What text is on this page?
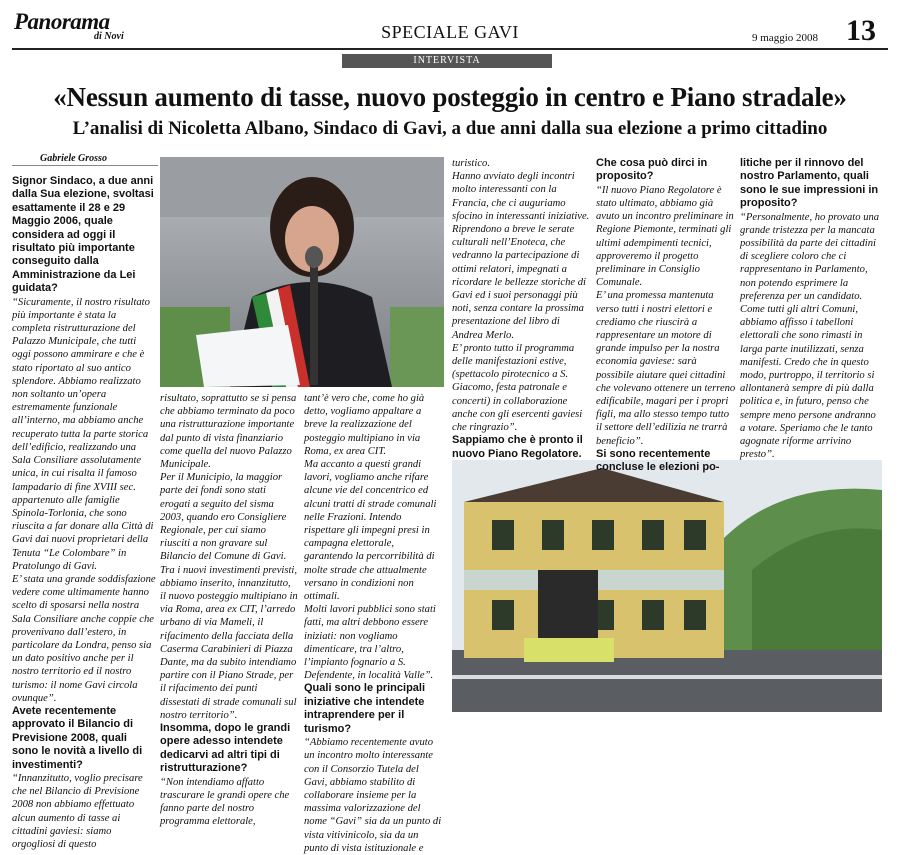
Panorama
di Novi	SPECIALE GAVI	9 maggio 2008 13
INTERVISTA
«Nessun aumento di tasse, nuovo posteggio in centro e Piano stradale»
L’analisi di Nicoletta Albano, Sindaco di Gavi, a due anni dalla sua elezione a primo cittadino
Gabriele Grosso

Signor Sindaco, a due anni dalla Sua elezione, svoltasi esattamente il 28 e 29 Maggio 2006, quale considera ad oggi il risultato più importante conseguito dalla Amministrazione da Lei guidata?

“Sicuramente, il nostro risultato più importante è stata la completa ristrutturazione del Palazzo Municipale, che tutti oggi possono ammirare e che è stato riportato al suo antico splendore. Abbiamo realizzato non soltanto un’opera estremamente funzionale all’interno, ma abbiamo anche recuperato tutta la parte storica dell’edificio, realizzando una Sala Consiliare assolutamente unica, in cui risalta il famoso lampadario di fine XVIII sec. appartenuto alle famiglie Spinola-Torlonia, che sono riuscita a far donare alla Città di Gavi dai nuovi proprietari della Tenuta “Le Colombare” in Pratolungo di Gavi.

E’ stata una grande soddisfazione vedere come ultimamente hanno scelto di sposarsi nella nostra Sala Consiliare anche coppie che provenivano dall’estero, in particolare da Londra, penso sia un dato positivo anche per il nostro territorio ed il nostro turismo: il nome Gavi circola ovunque”.

Avete recentemente approvato il Bilancio di Previsione 2008, quali sono le novità a livello di investimenti?

“Innanzitutto, voglio precisare che nel Bilancio di Previsione 2008 non abbiamo effettuato alcun aumento di tasse ai cittadini gaviesi: siamo orgogliosi di questo

risultato, soprattutto se si pensa che abbiamo terminato da poco una ristrutturazione importante dal punto di vista finanziario come quella del nuovo Palazzo Municipale.

Per il Municipio, la maggior parte dei fondi sono stati erogati a seguito del sisma 2003, quando ero Consigliere Regionale, per cui siamo riusciti a non gravare sul Bilancio del Comune di Gavi.

Tra i nuovi investimenti previsti, abbiamo inserito, innanzitutto, il nuovo posteggio multipiano in via Roma, area ex CIT, l’arredo urbano di via Mameli, il rifacimento della facciata della Caserma Carabinieri di Piazza Dante, ma da subito intendiamo partire con il Piano Strade, per il rifacimento dei punti dissestati di strade comunali sul nostro territorio”.

Insomma, dopo le grandi opere adesso intendete dedicarvi ad altri tipi di ristrutturazione?

“Non intendiamo affatto trascurare le grandi opere che fanno parte del nostro programma elettorale,

tant’è vero che, come ho già detto, vogliamo appaltare a breve la realizzazione del posteggio multipiano in via Roma, ex area CIT.

Ma accanto a questi grandi lavori, vogliamo anche rifare alcune vie del concentrico ed alcuni tratti di strade comunali nelle Frazioni. Intendo rispettare gli impegni presi in campagna elettorale, garantendo la percorribilità di molte strade che attualmente versano in condizioni non ottimali.

Molti lavori pubblici sono stati fatti, ma altri debbono essere iniziati: non vogliamo dimenticare, tra l’altro, l’impianto fognario a S. Defendente, in località Valle”.

Quali sono le principali iniziative che intendete intraprendere per il turismo?

“Abbiamo recentemente avuto un incontro molto interessante con il Consorzio Tutela del Gavi, abbiamo stabilito di collaborare insieme per la massima valorizzazione del nome “Gavi” sia da un punto di vista vitivinicolo, sia da un punto di vista istituzionale e

turistico.

Hanno avviato degli incontri molto interessanti con la Francia, che ci auguriamo sfocino in interessanti iniziative.

Riprendono a breve le serate culturali nell’Enoteca, che vedranno la partecipazione di ottimi relatori, impegnati a ricordare le bellezze storiche di Gavi ed i suoi personaggi più noti, senza contare la prossima presentazione del libro di Andrea Merlo.

E’ pronto tutto il programma delle manifestazioni estive, (spettacolo pirotecnico a S. Giacomo, festa patronale e concerti) in collaborazione anche con gli esercenti gaviesi che ringrazio”.

Sappiamo che è pronto il nuovo Piano Regolatore.

Che cosa può dirci in proposito?

“Il nuovo Piano Regolatore è stato ultimato, abbiamo già avuto un incontro preliminare in Regione Piemonte, terminati gli ultimi adempimenti tecnici, approveremo il progetto preliminare in Consiglio Comunale.

E’ una promessa mantenuta verso tutti i nostri elettori e crediamo che riuscirà a rappresentare un motore di grande impulso per la nostra economia gaviese: sarà possibile aiutare quei cittadini che volevano ottenere un terreno edificabile, magari per i propri figli, ma allo stesso tempo tutto il settore dell’edilizia ne trarrà beneficio”.

Si sono recentemente concluse le elezioni po-

litiche per il rinnovo del nostro Parlamento, quali sono le sue impressioni in proposito?

“Personalmente, ho provato una grande tristezza per la mancata possibilità da parte dei cittadini di scegliere coloro che ci rappresentano in Parlamento, non potendo esprimere la preferenza per un candidato. Come tutti gli altri Comuni, abbiamo affisso i tabelloni elettorali che sono rimasti in larga parte inutilizzati, senza manifesti. Credo che in questo modo, purtroppo, il territorio si allontanerà sempre di più dalla politica e, in futuro, penso che sempre meno persone andranno a votare. Speriamo che le tanto agognate riforme arrivino presto”.
